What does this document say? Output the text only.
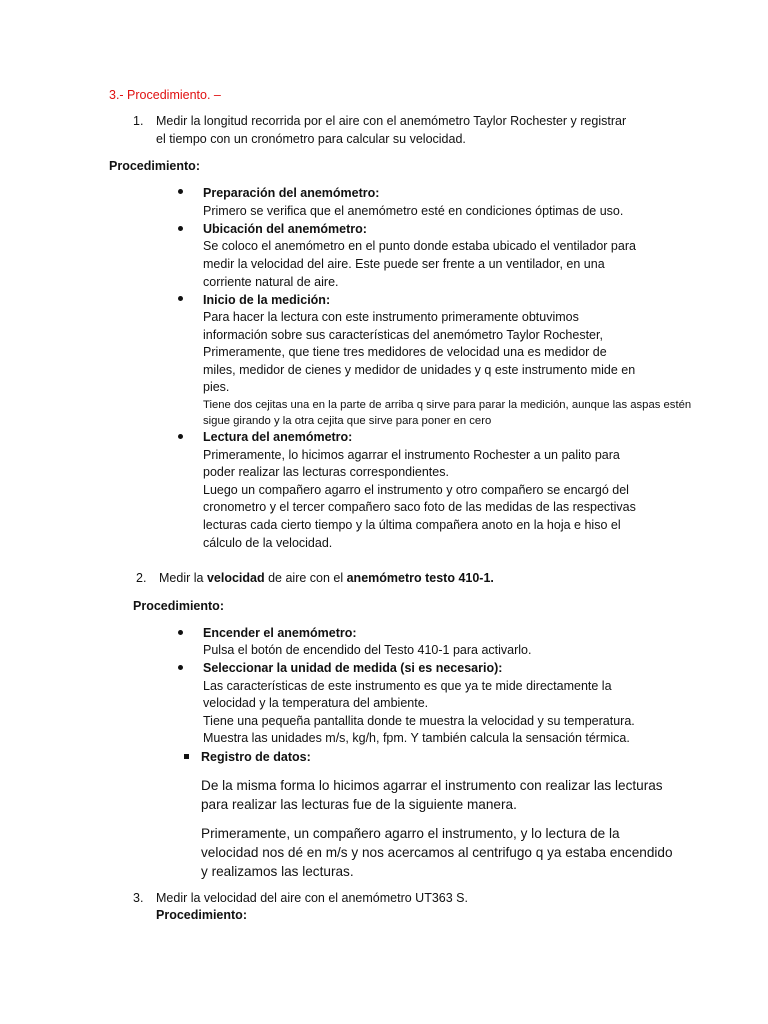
3.- Procedimiento. –
1. Medir la longitud recorrida por el aire con el anemómetro Taylor Rochester y registrar
el tiempo con un cronómetro para calcular su velocidad.
Procedimiento:
Preparación del anemómetro:
Primero se verifica que el anemómetro esté en condiciones óptimas de uso.
Ubicación del anemómetro:
Se coloco el anemómetro en el punto donde estaba ubicado el ventilador para
medir la velocidad del aire. Este puede ser frente a un ventilador, en una
corriente natural de aire.
Inicio de la medición:
Para hacer la lectura con este instrumento primeramente obtuvimos
información sobre sus características del anemómetro Taylor Rochester,
Primeramente, que tiene tres medidores de velocidad una es medidor de
miles, medidor de cienes y medidor de unidades y q este instrumento mide en
pies.
Tiene dos cejitas una en la parte de arriba q sirve para parar la medición, aunque las aspas estén
sigue girando y la otra cejita que sirve para poner en cero
Lectura del anemómetro:
Primeramente, lo hicimos agarrar el instrumento Rochester a un palito para
poder realizar las lecturas correspondientes.
Luego un compañero agarro el instrumento y otro compañero se encargó del
cronometro y el tercer compañero saco foto de las medidas de las respectivas
lecturas cada cierto tiempo y la última compañera anoto en la hoja e hiso el
cálculo de la velocidad.
2. Medir la velocidad de aire con el anemómetro testo 410-1.
Procedimiento:
Encender el anemómetro:
Pulsa el botón de encendido del Testo 410-1 para activarlo.
Seleccionar la unidad de medida (si es necesario):
Las características de este instrumento es que ya te mide directamente la
velocidad y la temperatura del ambiente.
Tiene una pequeña pantallita donde te muestra la velocidad y su temperatura.
Muestra las unidades m/s, kg/h, fpm. Y también calcula la sensación térmica.
Registro de datos:
De la misma forma lo hicimos agarrar el instrumento con realizar las lecturas
para realizar las lecturas fue de la siguiente manera.
Primeramente, un compañero agarro el instrumento, y lo lectura de la
velocidad nos dé en m/s y nos acercamos al centrifugo q ya estaba encendido
y realizamos las lecturas.
3. Medir la velocidad del aire con el anemómetro UT363 S.
Procedimiento:
